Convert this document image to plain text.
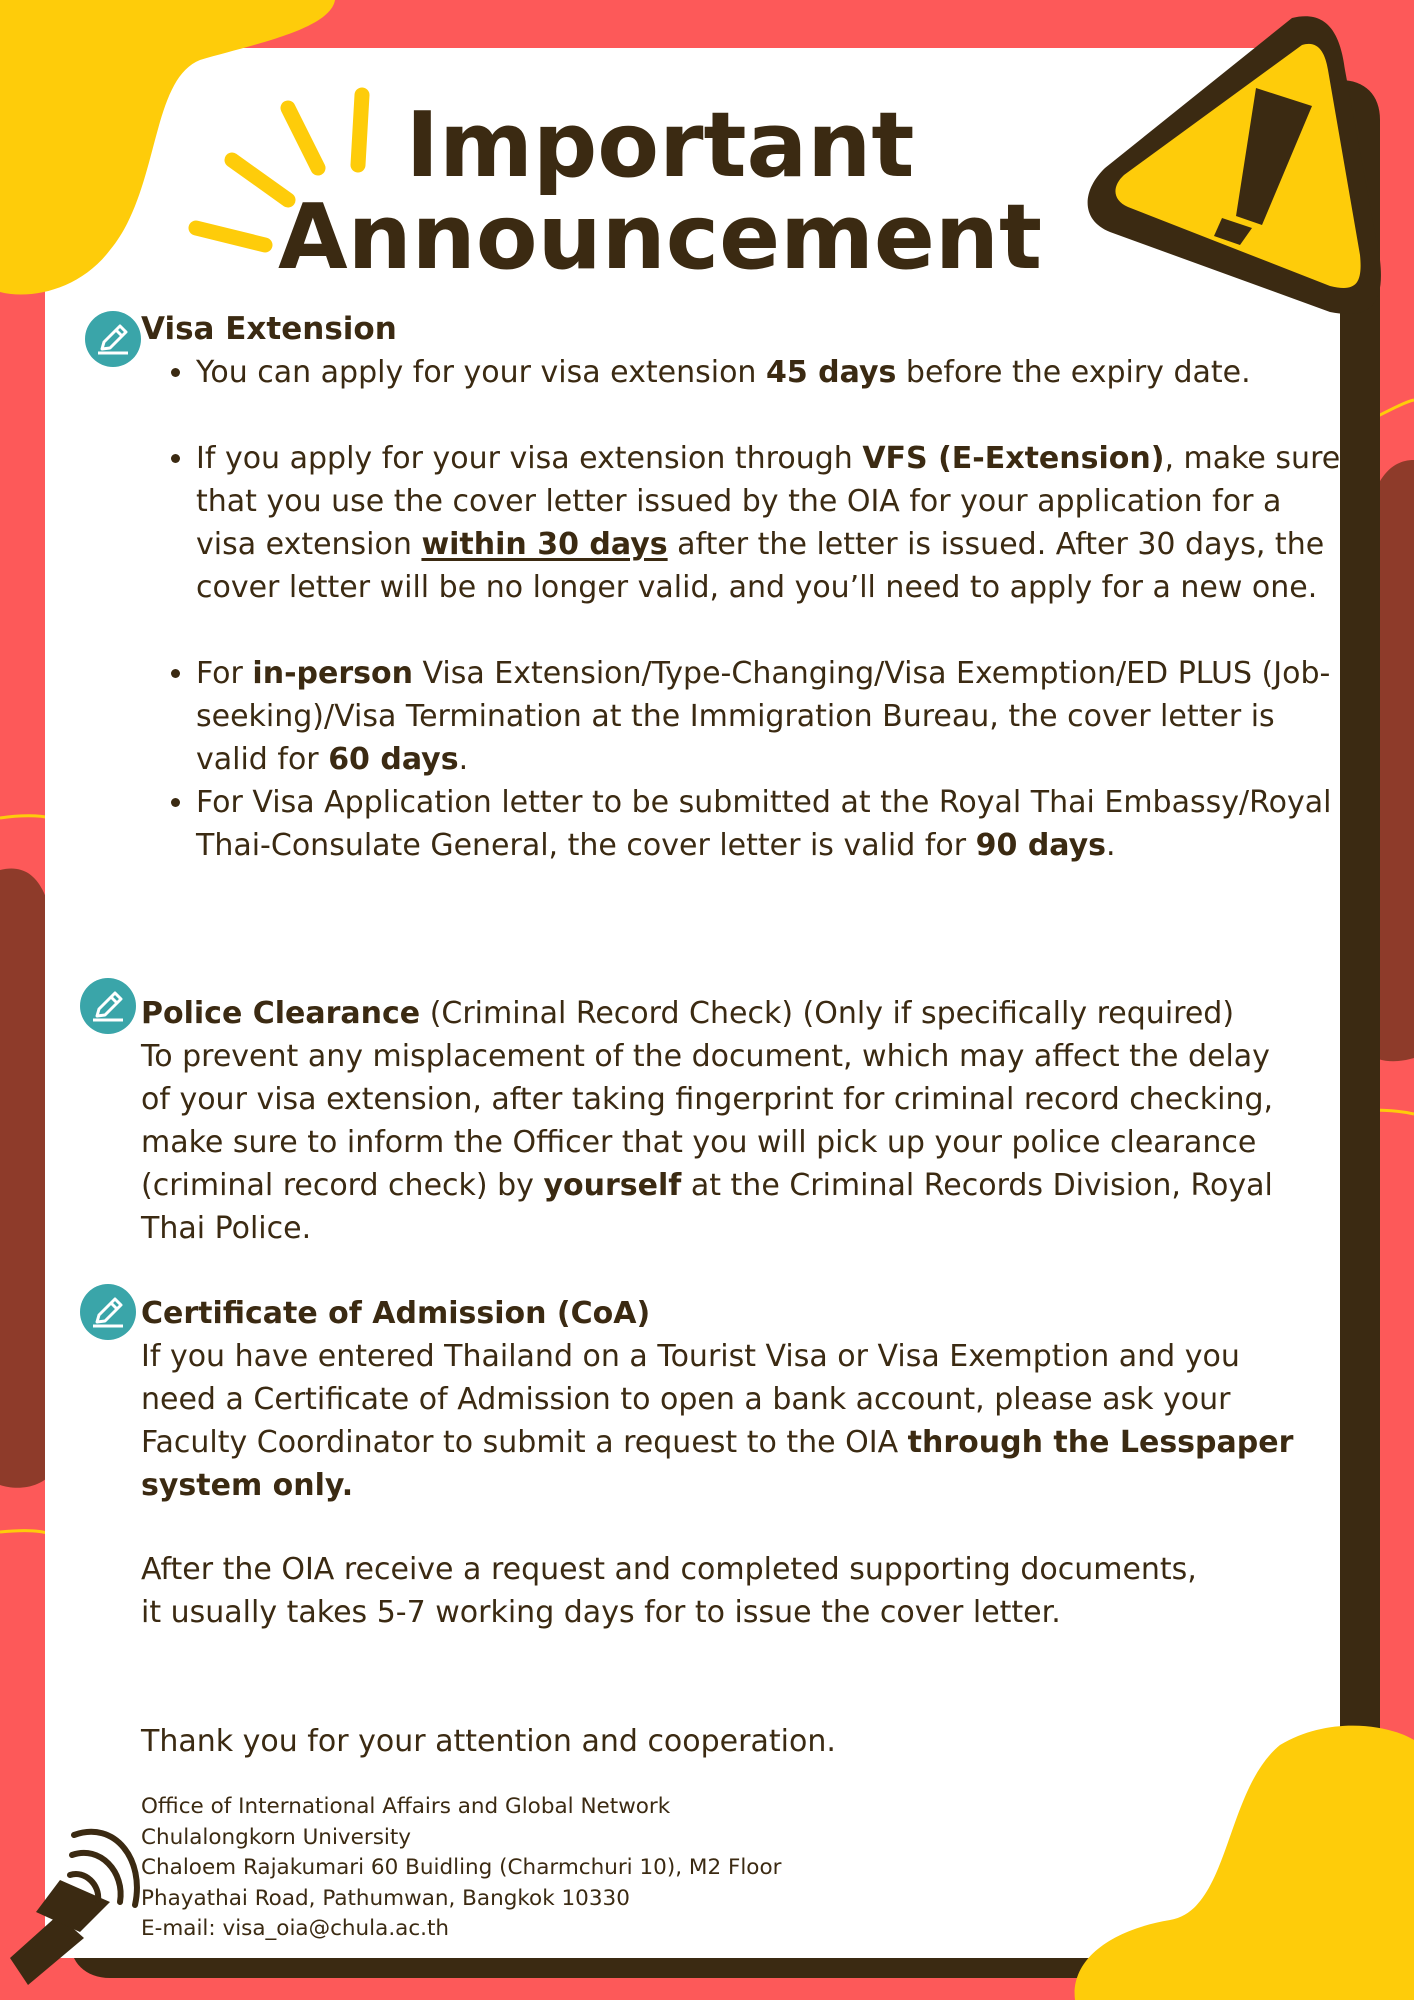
Important
Announcement
Visa Extension
• You can apply for your visa extension 45 days before the expiry date.
• If you apply for your visa extension through VFS (E-Extension), make sure that you use the cover letter issued by the OIA for your application for a visa extension within 30 days after the letter is issued. After 30 days, the cover letter will be no longer valid, and you’ll need to apply for a new one.
• For in-person Visa Extension/Type-Changing/Visa Exemption/ED PLUS (Job-seeking)/Visa Termination at the Immigration Bureau, the cover letter is valid for 60 days.
• For Visa Application letter to be submitted at the Royal Thai Embassy/Royal Thai-Consulate General, the cover letter is valid for 90 days.

Police Clearance (Criminal Record Check) (Only if specifically required)
To prevent any misplacement of the document, which may affect the delay of your visa extension, after taking fingerprint for criminal record checking, make sure to inform the Officer that you will pick up your police clearance (criminal record check) by yourself at the Criminal Records Division, Royal Thai Police.

Certificate of Admission (CoA)
If you have entered Thailand on a Tourist Visa or Visa Exemption and you need a Certificate of Admission to open a bank account, please ask your Faculty Coordinator to submit a request to the OIA through the Lesspaper system only.

After the OIA receive a request and completed supporting documents,
it usually takes 5-7 working days for to issue the cover letter.

Thank you for your attention and cooperation.

Office of International Affairs and Global Network
Chulalongkorn University
Chaloem Rajakumari 60 Buidling (Charmchuri 10), M2 Floor
Phayathai Road, Pathumwan, Bangkok 10330
E-mail: visa_oia@chula.ac.th
